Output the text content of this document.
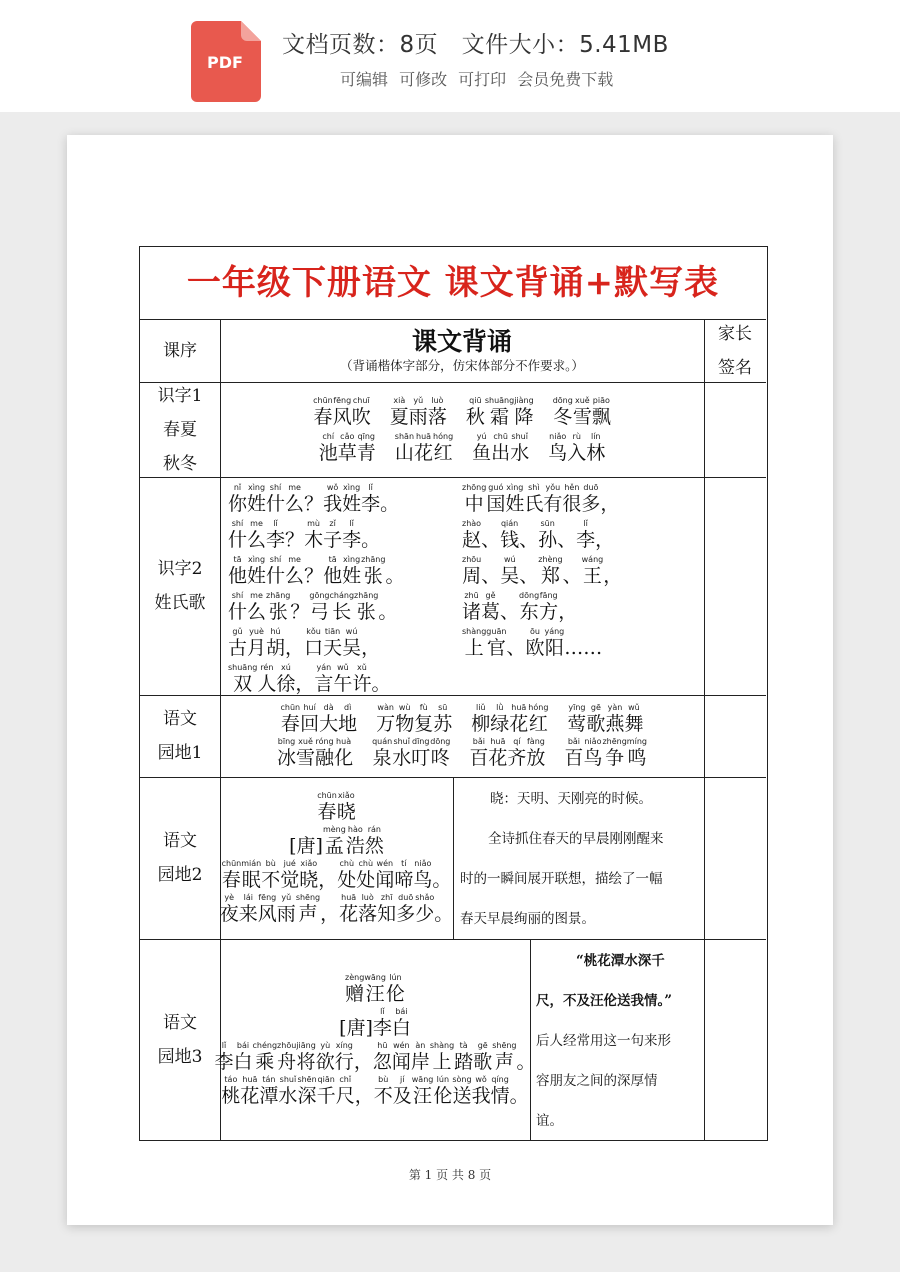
PDF
文档页数：8页   文件大小：5.41MB
可编辑 可修改 可打印 会员免费下载
一年级下册语文 课文背诵+默写表
课序	课文背诵
（背诵楷体字部分，仿宋体部分不作要求。）
家长
签名
识字1
春夏
秋冬
chūn
春
fēng
风
chuī
吹

xià
夏
yǔ
雨
luò
落

qiū
秋
shuāng
霜
jiàng
降

dōng
冬
xuě
雪
piāo
飘
chí
池
cǎo
草
qīng
青

shān
山
huā
花
hóng
红

yú
鱼
chū
出
shuǐ
水

niǎo
鸟
rù
入
lín
林
识字2
姓氏歌
nǐ
你
xìng
姓
shí
什
me
么
？
wǒ
我
xìng
姓
lǐ
李
。
shí
什
me
么
lǐ
李
？
mù
木
zǐ
子
lǐ
李
。
tā
他
xìng
姓
shí
什
me
么
？
tā
他
xìng
姓
zhāng
张
。
shí
什
me
么
zhāng
张
？
gōng
弓
cháng
长
zhāng
张
。
gǔ
古
yuè
月
hú
胡
，
kǒu
口
tiān
天
wú
吴
，
shuāng
双
rén
人
xú
徐
，
yán
言
wǔ
午
xǔ
许
。
zhōng
中
guó
国
xìng
姓
shì
氏
yǒu
有
hěn
很
duō
多
，
zhào
赵
、
qián
钱
、
sūn
孙
、
lǐ
李
，
zhōu
周
、
wú
吴
、
zhèng
郑
、
wáng
王
，
zhū
诸
gě
葛
、
dōng
东
fāng
方
，
shàng
上
guān
官
、
ōu
欧
yáng
阳
……
语文
园地1
chūn
春
huí
回
dà
大
dì
地

wàn
万
wù
物
fù
复
sū
苏

liǔ
柳
lǜ
绿
huā
花
hóng
红

yīng
莺
gē
歌
yàn
燕
wǔ
舞
bīng
冰
xuě
雪
róng
融
huà
化

quán
泉
shuǐ
水
dīng
叮
dōng
咚

bǎi
百
huā
花
qí
齐
fàng
放

bǎi
百
niǎo
鸟
zhēng
争
míng
鸣
语文
园地2
chūn
春
xiǎo
晓

[唐]
mèng
孟
hào
浩
rán
然
chūn
春
mián
眠
bù
不
jué
觉
xiǎo
晓
，
chù
处
chù
处
wén
闻
tí
啼
niǎo
鸟
。
yè
夜
lái
来
fēng
风
yǔ
雨
shēng
声
，
huā
花
luò
落
zhī
知
duō
多
shǎo
少
。
晓：天明、天刚亮的时候。
全诗抓住春天的早晨刚刚醒来
时的一瞬间展开联想，描绘了一幅
春天早晨绚丽的图景。
语文
园地3
zèng
赠
wāng
汪
lún
伦

[唐]
lǐ
李
bái
白
lǐ
李
bái
白
chéng
乘
zhōu
舟
jiāng
将
yù
欲
xíng
行
，
hū
忽
wén
闻
àn
岸
shàng
上
tà
踏
gē
歌
shēng
声
。
táo
桃
huā
花
tán
潭
shuǐ
水
shēn
深
qiān
千
chǐ
尺
，
bù
不
jí
及
wāng
汪
lún
伦
sòng
送
wǒ
我
qíng
情
。
“桃花潭水深千
尺，不及汪伦送我情。”
后人经常用这一句来形
容朋友之间的深厚情
谊。
第 1 页 共 8 页
